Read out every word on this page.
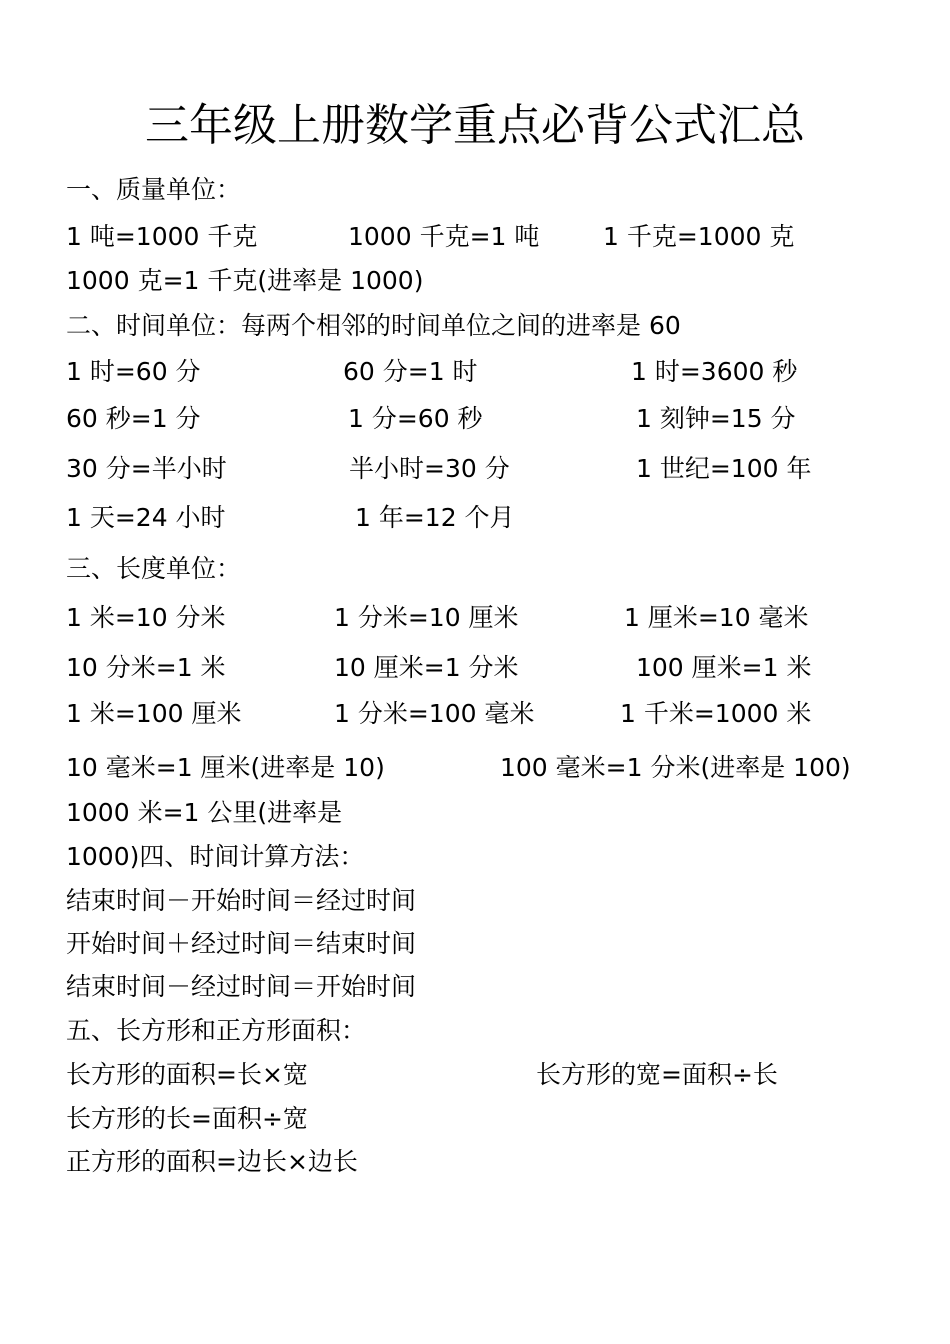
三年级上册数学重点必背公式汇总

一、质量单位：

1 吨=1000 千克	1000 千克=1 吨	1 千克=1000 克

1000 克=1 千克(进率是 1000)

二、时间单位：每两个相邻的时间单位之间的进率是 60

1 时=60 分	60 分=1 时	1 时=3600 秒

60 秒=1 分	1 分=60 秒	1 刻钟=15 分

30 分=半小时	半小时=30 分	1 世纪=100 年

1 天=24 小时	1 年=12 个月

三、长度单位：

1 米=10 分米	1 分米=10 厘米	1 厘米=10 毫米

10 分米=1 米	10 厘米=1 分米	100 厘米=1 米

1 米=100 厘米	1 分米=100 毫米	1 千米=1000 米

10 毫米=1 厘米(进率是 10)	100 毫米=1 分米(进率是 100)

1000 米=1 公里(进率是

1000)四、时间计算方法：

结束时间－开始时间＝经过时间

开始时间＋经过时间＝结束时间

结束时间－经过时间＝开始时间

五、长方形和正方形面积：

长方形的面积=长×宽	长方形的宽=面积÷长

长方形的长=面积÷宽

正方形的面积=边长×边长
